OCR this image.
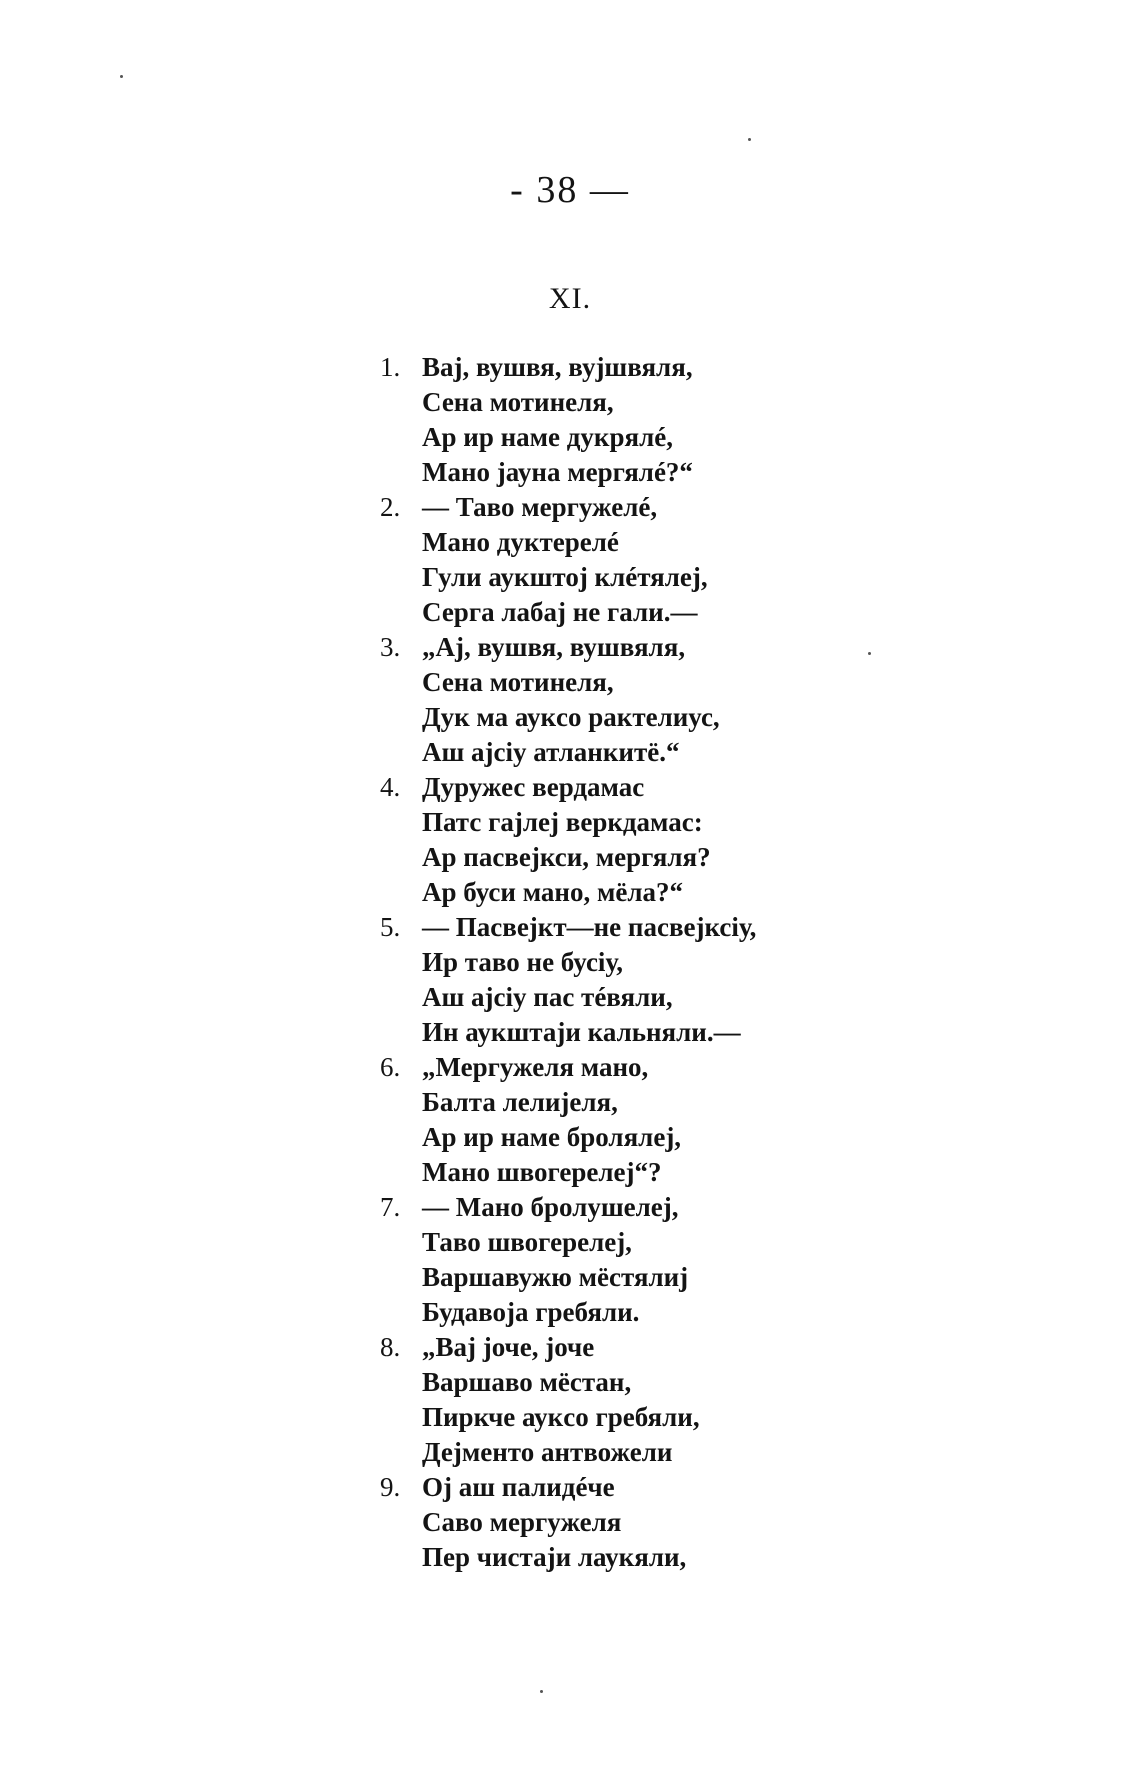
- 38 —
XI.
1. Вај, вушвя, вујшвяля,
Сена мотинеля,
Ар ир наме дукрялé,
Мано јауна мергялé?“
2. — Таво мергужелé,
Мано дуктерелé
Гули аукштој клéтялеј,
Серга лабај не гали.—
3. „Ај, вушвя, вушвяля,
Сена мотинеля,
Дук ма аукcо рактелиус,
Аш ајсiу атланкитё.“
4. Дуружес вердамас
Патс гајлеј веркдамас:
Ар пасвејкси, мергяля?
Ар буси мано, мёла?“
5. — Пасвејкт—не пасвејксiу,
Ир таво не бусiу,
Аш ајсiу пас тéвяли,
Ин аукштаји кальняли.—
6. „Мергужеля мано,
Балта лелијеля,
Ар ир наме бролялеј,
Мано швогерелеј“?
7. — Мано бролушелеј,
Таво швогерелеј,
Варшавужю мёстялиј
Будавоја гребяли.
8. „Вај јоче, јоче
Варшаво мёстан,
Пиркче аукcо гребяли,
Дејменто антвожели
9. Ој аш палидéче
Саво мергужеля
Пер чистаји лаукяли,
